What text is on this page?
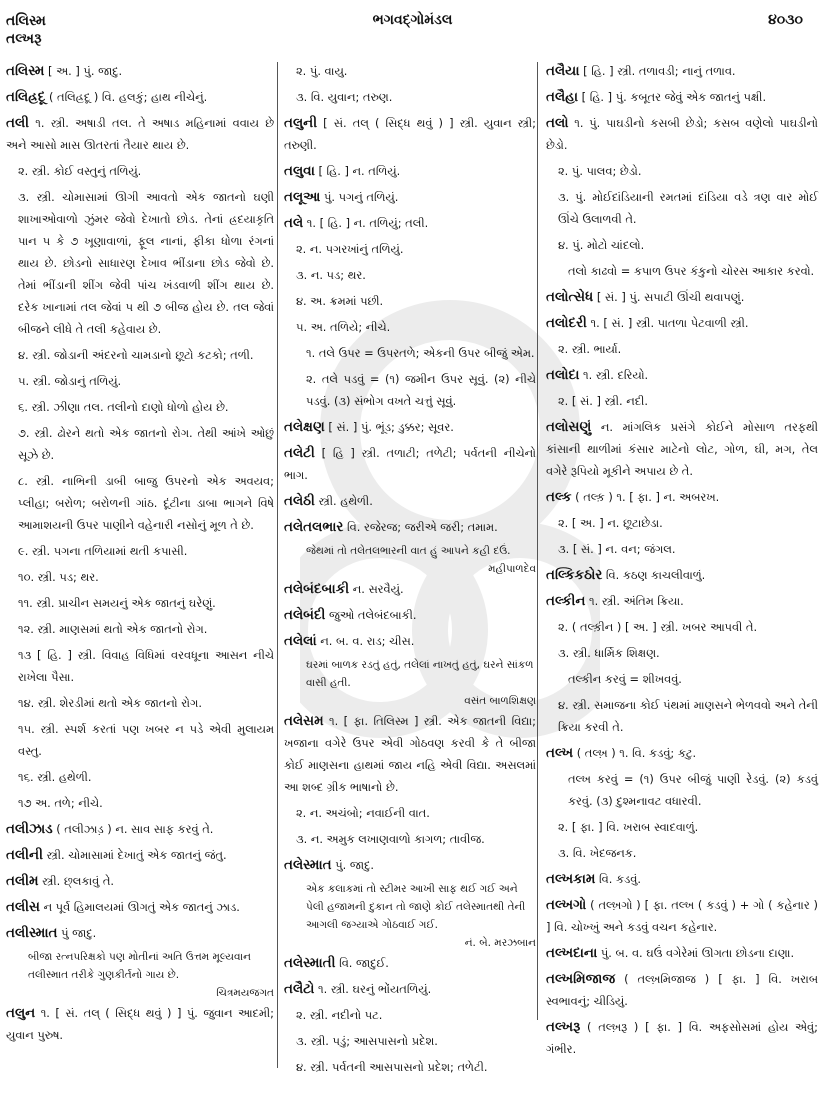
તલિસ્મ
તલ્ખરૂ
ભગવદ્ગોમંડલ	૪૦૩૦
તલિસ્મ [ અ. ] પું. જાદુ.
તલિહ્રદૂ ( તલિહ્રદૂ ) વિ. હલકું; હાથ નીચેનું.
તલી ૧. સ્ત્રી. અષાડી તલ. તે અષાડ મહિનામાં વવાય છે અને આસો માસ ઊતરતાં તૈયાર થાય છે.
૨. સ્ત્રી. કોઈ વસ્તુનું તળિયું.
૩. સ્ત્રી. ચોમાસામાં ઊગી આવતો એક જાતનો ઘણી શાખાઓવાળો ઝુંમર જેવો દેખાતો છોડ. તેનાં હ્રદયાકૃતિ પાન પ કે ૭ ખૂણાવાળાં, ફૂલ નાનાં, ફીકા ધોળા રંગનાં થાય છે. છોડનો સાધારણ દેખાવ ભીંડાના છોડ જેવો છે. તેમાં ભીંડાની શીંગ જેવી પાંચ ખંડવાળી શીંગ થાય છે. દરેક ખાનામાં તલ જેવાં પ થી ૭ બીજ હોય છે. તલ જેવાં બીજને લીધે તે તલી કહેવાય છે.
૪. સ્ત્રી. જોડાની અંદરનો ચામડાનો છૂટો કટકો; તળી.
૫. સ્ત્રી. જોડાનું તળિયું.
૬. સ્ત્રી. ઝીણા તલ. તલીનો દાણો ધોળો હોય છે.
૭. સ્ત્રી. ઢોરને થતો એક જાતનો રોગ. તેથી આંખે ઓછું સૂઝે છે.
૮. સ્ત્રી. નાભિની ડાબી બાજુ ઉપરનો એક અવયવ; પ્લીહા; બરોળ; બરોળની ગાંઠ. દૂંટીના ડાબા ભાગને વિષે આમાશયની ઉપર પાણીને વહેનારી નસોનું મૂળ તે છે.
૯. સ્ત્રી. પગના તળિયામાં થતી કપાસી.
૧૦. સ્ત્રી. પડ; થર.
૧૧. સ્ત્રી. પ્રાચીન સમયનું એક જાતનું ઘરેણું.
૧૨. સ્ત્રી. માણસમાં થતો એક જાતનો રોગ.
૧૩ [ હિ. ] સ્ત્રી. વિવાહ વિધિમાં વરવધૂના આસન નીચે રાખેલા પૈસા.
૧૪. સ્ત્રી. શેરડીમાં થતો એક જાતનો રોગ.
૧૫. સ્ત્રી. સ્પર્શ કરતાં પણ ખબર ન પડે એવી મુલાયમ વસ્તુ.
૧૬. સ્ત્રી. હથેળી.
૧૭ અ. તળે; નીચે.
તલીઝાડ ( તલીઝાડ઼ ) ન. સાવ સાફ કરવું તે.
તલીની સ્ત્રી. ચોમાસામાં દેખાતું એક જાતનું જંતુ.
તલીમ સ્ત્રી. છ્લકાવું તે.
તલીસ ન પૂર્વ હિમાલયમાં ઊગતું એક જાતનું ઝાડ.
તલીસ્માત પું જાદુ.
બીજા રત્નપરિક્ષકો પણ મોતીનાં અતિ ઉત્તમ મૂલ્યવાન તલીસ્માત તરીકે ગુણકીર્તનો ગાય છે.
ચિત્રમયજગત
તલુન ૧. [ સં. તલ્ ( સિદ્ધ થવું ) ] પું. જુવાન આદમી; યુવાન પુરુષ.
૨. પું. વાયુ.
૩. વિ. યુવાન; તરુણ.
તલુની [ સં. તલ્ ( સિદ્ધ થવું ) ] સ્ત્રી. યુવાન સ્ત્રી; તરુણી.
તલુવા [ હિ. ] ન. તળિયું.
તલૂઆ પું. પગનું તળિયું.
તલે ૧. [ હિ. ] ન. તળિયું; તલી.
૨. ન. પગરખાંનું તળિયું.
૩. ન. પડ; થર.
૪. અ. ક્રમમાં પછી.
૫. અ. તળિયે; નીચે.
૧. તલે ઉપર = ઉપરતળે; એકની ઉપર બીજું એમ.
૨. તલે પડવું = (૧) જમીન ઉપર સૂવું. (૨) નીચે પડવું. (૩) સંભોગ વખતે ચત્તું સૂવું.
તલેક્ષણ [ સં. ] પું. ભૂંડ; ડુક્કર; સૂવર.
તલેટી [ હિ ] સ્ત્રી. તળાટી; તળેટી; પર્વતની નીચેનો ભાગ.
તલેઠી સ્ત્રી. હથેળી.
તલેતલભાર વિ. રજેરજ; જરીએ જરી; તમામ.
જેથમાં તો તલેતલભારની વાત હું આપને કહી દઉં.
મહીપાળદેવ
તલેબંદબાકી ન. સરવૈયું.
તલેબંદી જુઓ તલેબંદબાકી.
તલેલાં ન. બ. વ. રાડ; ચીસ.
ઘરમાં બાળક રડતું હતું, તલેલાં નાખતું હતું, ઘરને સાંકળ વાસી હતી.
વસંત બાળશિક્ષણ
તલેસમ ૧. [ ફા. તિલિસ્મ ] સ્ત્રી. એક જાતની વિદ્યા; ખજાના વગેરે ઉપર એવી ગોઠવણ કરવી કે તે બીજા કોઈ માણસના હાથમાં જાય નહિ એવી વિદ્યા. અસલમાં આ શબ્દ ગ્રીક ભાષાનો છે.
૨. ન. અચંબો; નવાઈની વાત.
૩. ન. અમુક લખાણવાળો કાગળ; તાવીજ.
તલેસ્માત પું. જાદુ.
એક કલાકમાં તો સ્ટીમર આખી સાફ થઈ ગઈ અને પેલી હજામની દુકાન તો જાણે કોઈ તલેસ્માતથી તેની આગલી જગ્યાએ ગોઠવાઈ ગઈ.
નં. બે. મરઝબાન
તલેસ્માતી વિ. જાદુઈ.
તલૈટો ૧. સ્ત્રી. ઘરનું ભોંયતળિયું.
૨. સ્ત્રી. નદીનો પટ.
૩. સ્ત્રી. પડું; આસપાસનો પ્રદેશ.
૪. સ્ત્રી. પર્વતની આસપાસનો પ્રદેશ; તળેટી.
તલૈયા [ હિ. ] સ્ત્રી. તળાવડી; નાનું તળાવ.
તલૈહા [ હિ. ] પું. કબૂતર જેવું એક જાતનું પક્ષી.
તલો ૧. પું. પાઘડીનો કસબી છેડો; કસબ વણેલો પાઘડીનો છેડો.
૨. પું. પાલવ; છેડો.
૩. પું. મોઈદાંડિયાની રમતમાં દાંડિયા વડે ત્રણ વાર મોઈ ઊંચે ઉલાળવી તે.
૪. પું. મોટો ચાંદલો.
તલો કાઢવો = કપાળ ઉપર કંકુનો ચોરસ આકાર કરવો.
તલોત્સેધ [ સં. ] પું. સપાટી ઊંચી થવાપણું.
તલોદરી ૧. [ સં. ] સ્ત્રી. પાતળા પેટવાળી સ્ત્રી.
૨. સ્ત્રી. ભાર્યા.
તલોદા ૧. સ્ત્રી. દરિયો.
૨. [ સં. ] સ્ત્રી. નદી.
તલોસણું ન. માંગલિક પ્રસંગે કોઈને મોસાળ તરફથી કાંસાની થાળીમાં કંસાર માટેનો લોટ, ગોળ, ઘી, મગ, તેલ વગેરે રૂપિયો મૂકીને અપાય છે તે.
તલ્ક ( તલ્ક઼ ) ૧. [ ફા. ] ન. અબરખ.
૨. [ અ. ] ન. છૂટાછેડા.
૩. [ સં. ] ન. વન; જંગલ.
તલ્કિકઠોર વિ. કઠણ કાચલીવાળું.
તલ્કીન ૧. સ્ત્રી. અંતિમ ક્રિયા.
૨. ( તલ્ક઼ીન ) [ અ. ] સ્ત્રી. ખબર આપવી તે.
૩. સ્ત્રી. ધાર્મિક શિક્ષણ.
તલ્કીન કરવું = શીખવવું.
૪. સ્ત્રી. સમાજના કોઈ પંથમાં માણસને ભેળવવો અને તેની ક્રિયા કરવી તે.
તલ્ખ ( તલ્ખ઼ ) ૧. વિ. કડવું; કટુ.
તલ્ખ કરવું = (૧) ઉપર બીજું પાણી રેડવું. (૨) કડવું કરવું. (૩) દુશ્મનાવટ વધારવી.
૨. [ ફા. ] વિ. ખરાબ સ્વાદવાળું.
૩. વિ. ખેદજનક.
તલ્ખકામ વિ. કડવું.
તલ્ખગો ( તલ્ખ઼ગો ) [ ફા. તલ્ખ ( કડવું ) + ગો ( કહેનાર ) ] વિ. ચોખ્ખું અને કડવું વચન કહેનાર.
તલ્ખદાના પું. બ. વ. ઘઉં વગેરેમાં ઊગતા છોડના દાણા.
તલ્ખમિજાજ ( તલ્ખ઼મિજાજ ) [ ફા. ] વિ. ખરાબ સ્વભાવનું; ચીડિયું.
તલ્ખરૂ ( તલ્ખ઼રૂ ) [ ફા. ] વિ. અફસોસમાં હોય એવું; ગંભીર.
